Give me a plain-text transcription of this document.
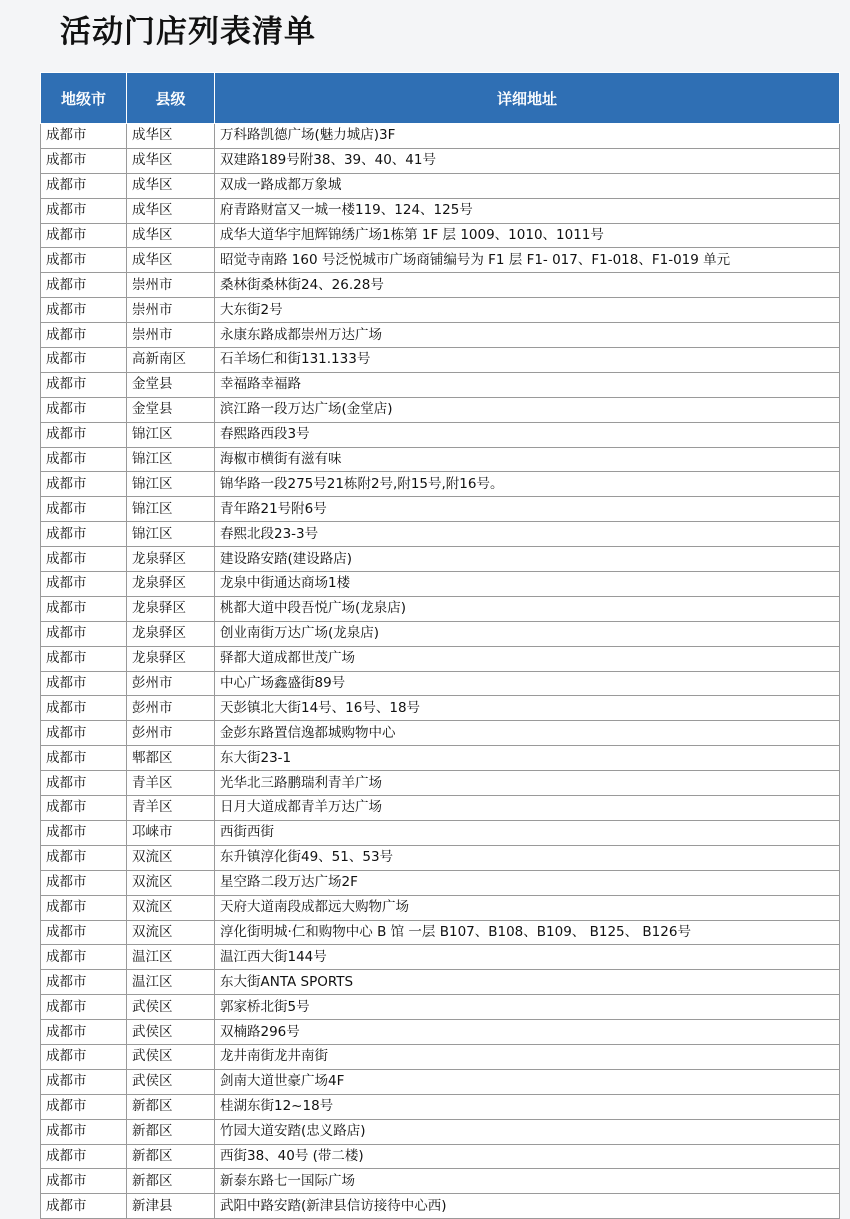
活动门店列表清单
地级市	县级	详细地址
成都市	成华区	万科路凯德广场(魅力城店)3F
成都市	成华区	双建路189号附38、39、40、41号
成都市	成华区	双成一路成都万象城
成都市	成华区	府青路财富又一城一楼119、124、125号
成都市	成华区	成华大道华宇旭辉锦绣广场1栋第 1F 层 1009、1010、1011号
成都市	成华区	昭觉寺南路 160 号泛悦城市广场商铺编号为 F1 层 F1- 017、F1-018、F1-019 单元
成都市	崇州市	桑林街桑林街24、26.28号
成都市	崇州市	大东街2号
成都市	崇州市	永康东路成都崇州万达广场
成都市	高新南区	石羊场仁和街131.133号
成都市	金堂县	幸福路幸福路
成都市	金堂县	滨江路一段万达广场(金堂店)
成都市	锦江区	春熙路西段3号
成都市	锦江区	海椒市横街有滋有味
成都市	锦江区	锦华路一段275号21栋附2号,附15号,附16号。
成都市	锦江区	青年路21号附6号
成都市	锦江区	春熙北段23-3号
成都市	龙泉驿区	建设路安踏(建设路店)
成都市	龙泉驿区	龙泉中街通达商场1楼
成都市	龙泉驿区	桃都大道中段吾悦广场(龙泉店)
成都市	龙泉驿区	创业南街万达广场(龙泉店)
成都市	龙泉驿区	驿都大道成都世茂广场
成都市	彭州市	中心广场鑫盛街89号
成都市	彭州市	天彭镇北大街14号、16号、18号
成都市	彭州市	金彭东路置信逸都城购物中心
成都市	郫都区	东大街23-1
成都市	青羊区	光华北三路鹏瑞利青羊广场
成都市	青羊区	日月大道成都青羊万达广场
成都市	邛崃市	西街西街
成都市	双流区	东升镇淳化街49、51、53号
成都市	双流区	星空路二段万达广场2F
成都市	双流区	天府大道南段成都远大购物广场
成都市	双流区	淳化街明城·仁和购物中心 B 馆 一层 B107、B108、B109、 B125、 B126号
成都市	温江区	温江西大街144号
成都市	温江区	东大街ANTA SPORTS
成都市	武侯区	郭家桥北街5号
成都市	武侯区	双楠路296号
成都市	武侯区	龙井南街龙井南街
成都市	武侯区	剑南大道世豪广场4F
成都市	新都区	桂湖东街12~18号
成都市	新都区	竹园大道安踏(忠义路店)
成都市	新都区	西街38、40号 (带二楼)
成都市	新都区	新泰东路七一国际广场
成都市	新津县	武阳中路安踏(新津县信访接待中心西)
